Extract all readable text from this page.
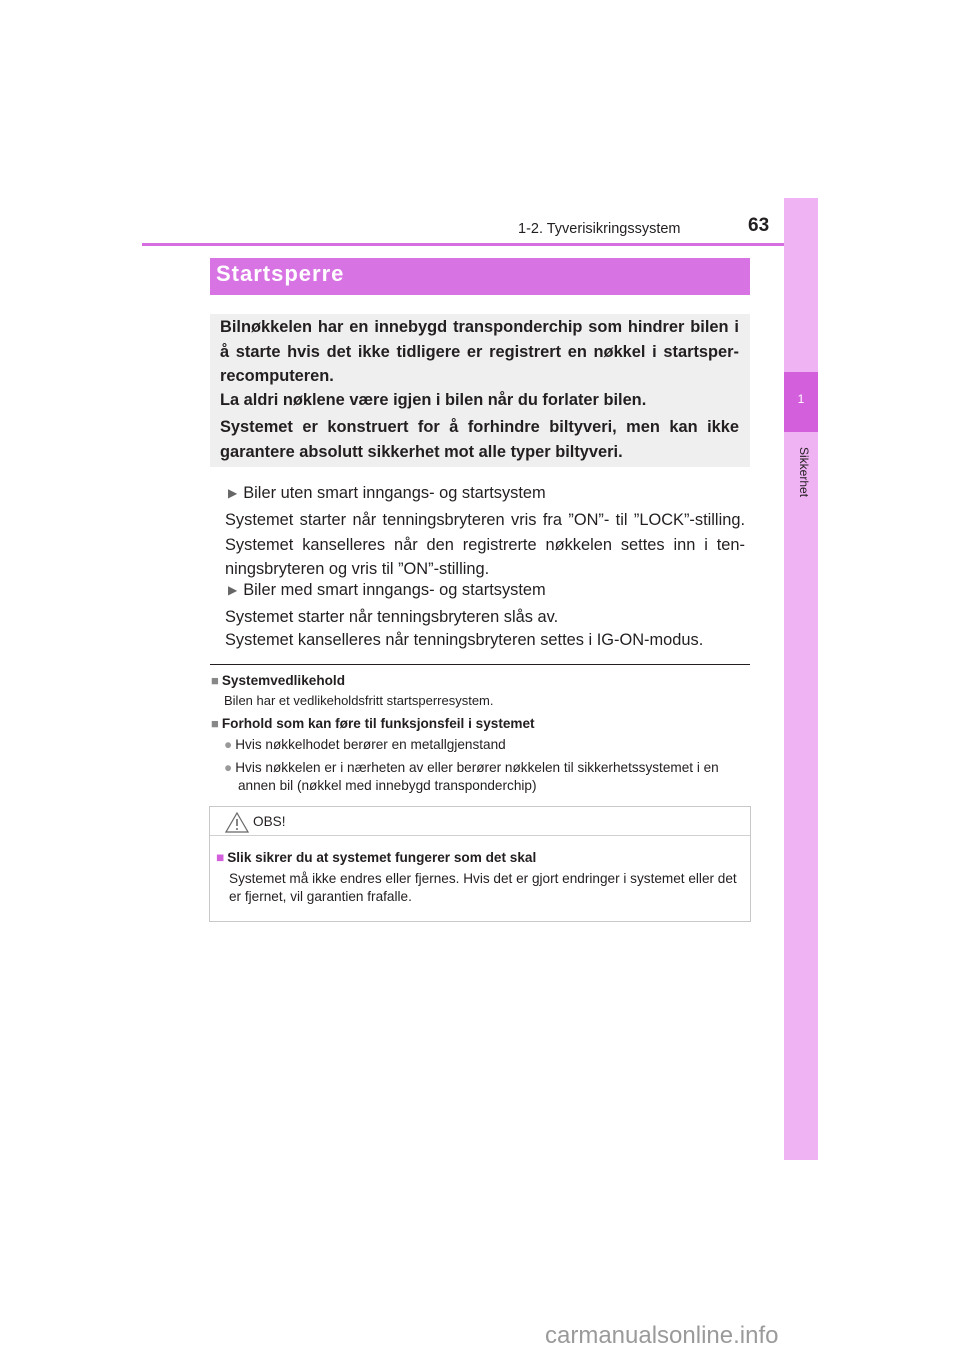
1-2. Tyverisikringssystem	63
1
Sikkerhet
Startsperre

Bilnøkkelen har en innebygd transponderchip som hindrer bilen i å starte hvis det ikke tidligere er registrert en nøkkel i startsper-recomputeren.

La aldri nøklene være igjen i bilen når du forlater bilen.

Systemet er konstruert for å forhindre biltyveri, men kan ikke garantere absolutt sikkerhet mot alle typer biltyveri.

▶ Biler uten smart inngangs- og startsystem

Systemet starter når tenningsbryteren vris fra ”ON”- til ”LOCK”-stilling. Systemet kanselleres når den registrerte nøkkelen settes inn i ten-ningsbryteren og vris til ”ON”-stilling.

▶ Biler med smart inngangs- og startsystem

Systemet starter når tenningsbryteren slås av.

Systemet kanselleres når tenningsbryteren settes i IG-ON-modus.

■ Systemvedlikehold
Bilen har et vedlikeholdsfritt startsperresystem.
■ Forhold som kan føre til funksjonsfeil i systemet
● Hvis nøkkelhodet berører en metallgjenstand
● Hvis nøkkelen er i nærheten av eller berører nøkkelen til sikkerhetssystemet i en annen bil (nøkkel med innebygd transponderchip)
OBS!
■ Slik sikrer du at systemet fungerer som det skal
Systemet må ikke endres eller fjernes. Hvis det er gjort endringer i systemet eller det er fjernet, vil garantien frafalle.
carmanualsonline.info
